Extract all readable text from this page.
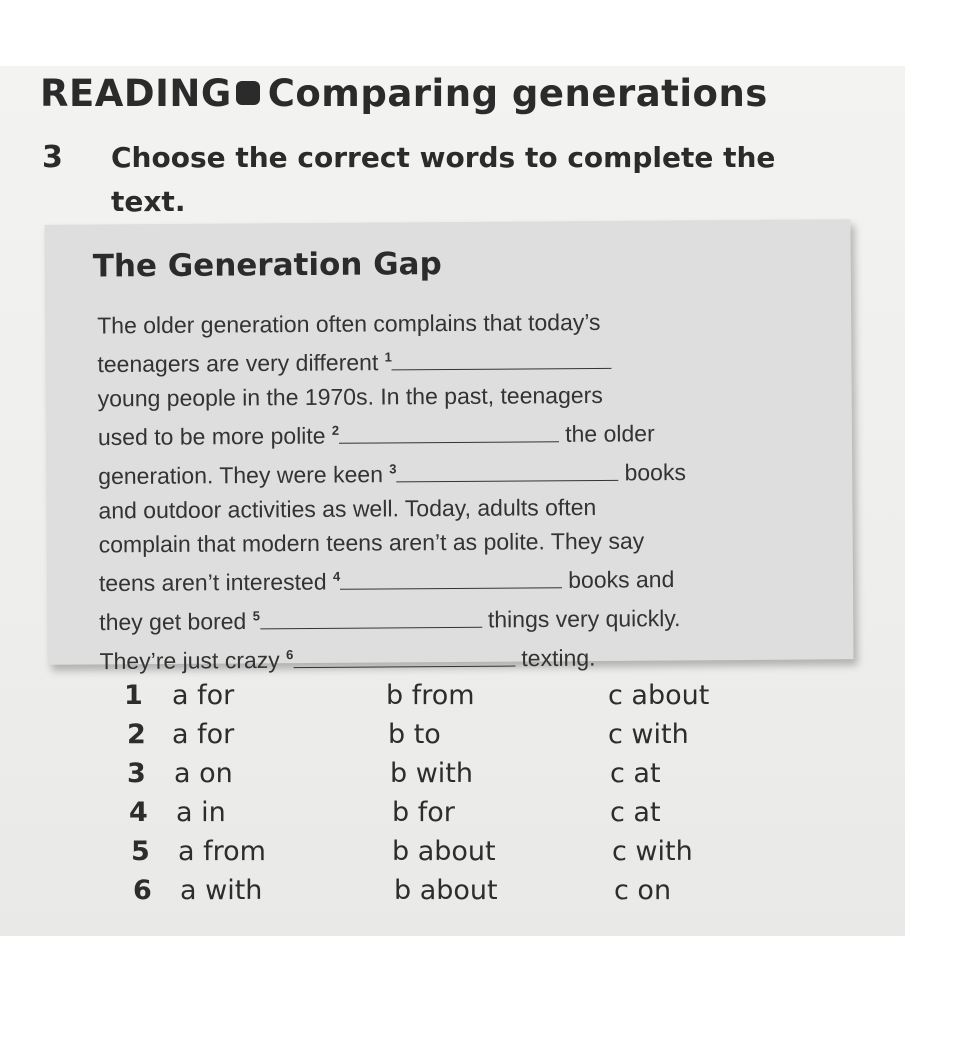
READING Comparing generations
3 Choose the correct words to complete the text.

The Generation Gap
The older generation often complains that today’s
teenagers are very different $^1$
young people in the 1970s. In the past, teenagers
used to be more polite $^2$	the older
generation. They were keen $^3$	books
and outdoor activities as well. Today, adults often
complain that modern teens aren’t as polite. They say
teens aren’t interested $^4$	books and
they get bored $^5$	things very quickly.
They’re just crazy $^6$	texting.
1 a for	b from	c about
2 a for	b to	c with
3 a on	b with	c at
4 a in	b for	c at
5 a from	b about	c with
6 a with	b about	c on
